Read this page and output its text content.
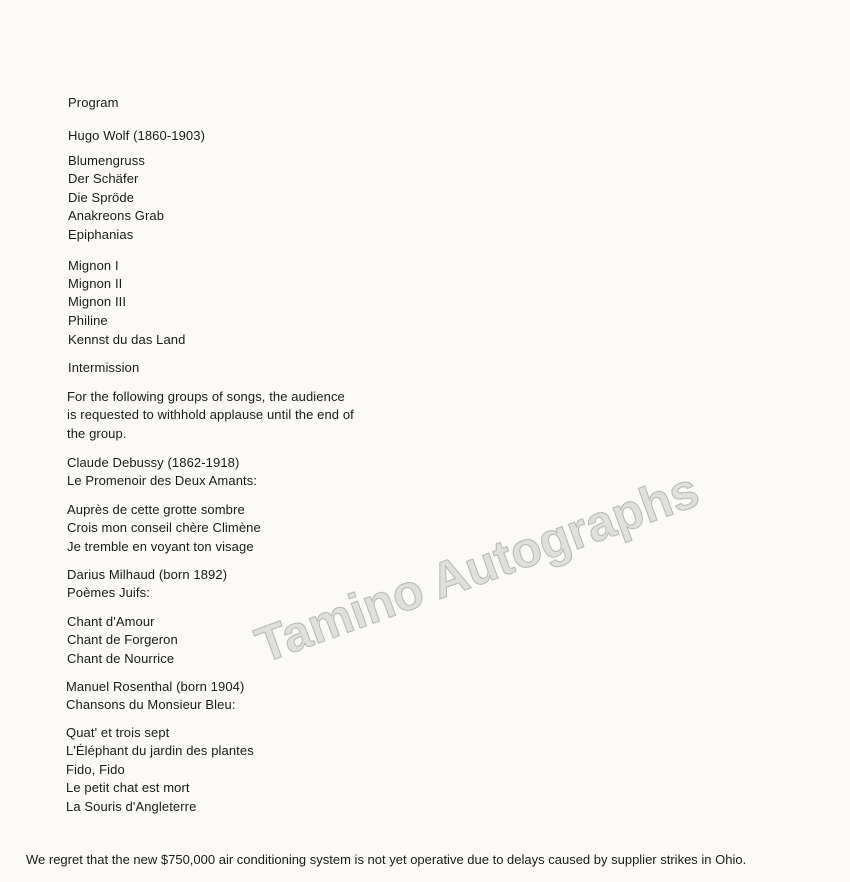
Program
Hugo Wolf (1860-1903)
Blumengruss
Der Schäfer
Die Spröde
Anakreons Grab
Epiphanias
Mignon I
Mignon II
Mignon III
Philine
Kennst du das Land
Intermission
For the following groups of songs, the audience
is requested to withhold applause until the end of
the group.
Claude Debussy (1862-1918)
Le Promenoir des Deux Amants:
Auprès de cette grotte sombre
Crois mon conseil chère Climène
Je tremble en voyant ton visage
Darius Milhaud (born 1892)
Poèmes Juifs:
Chant d'Amour
Chant de Forgeron
Chant de Nourrice
Manuel Rosenthal (born 1904)
Chansons du Monsieur Bleu:
Quat' et trois sept
L'Éléphant du jardin des plantes
Fido, Fido
Le petit chat est mort
La Souris d'Angleterre
We regret that the new $750,000 air conditioning system is not yet operative due to delays caused by supplier strikes in Ohio.
Tamino Autographs
